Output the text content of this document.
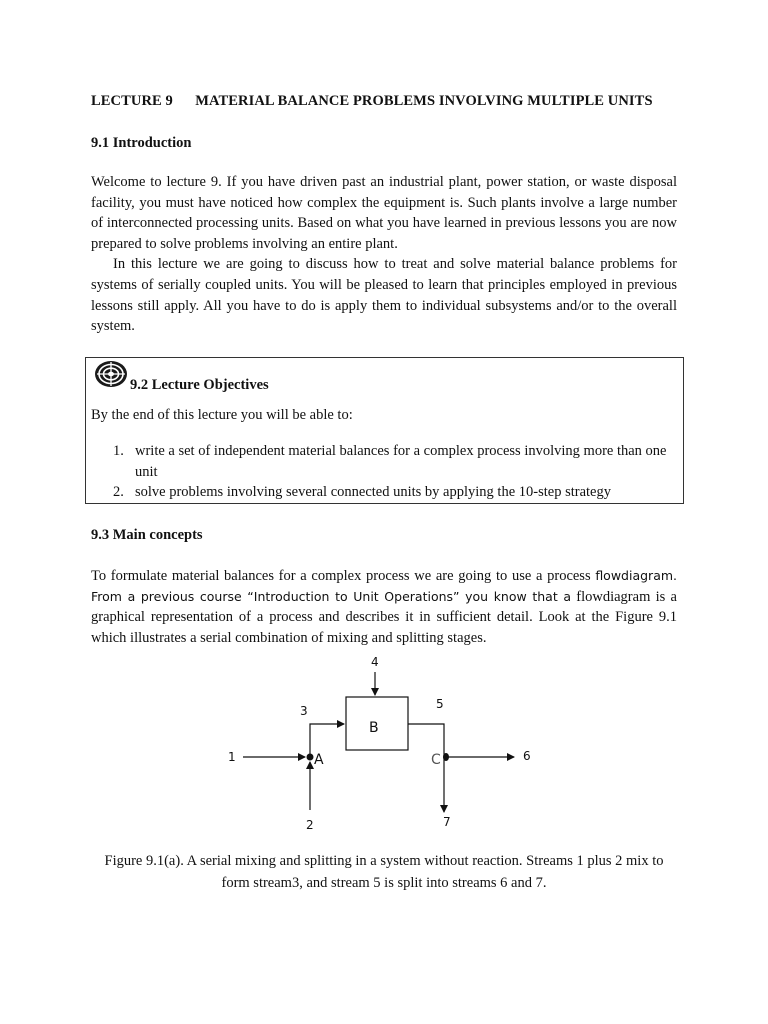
LECTURE 9      MATERIAL BALANCE PROBLEMS INVOLVING MULTIPLE UNITS
9.1 Introduction

Welcome to lecture 9. If you have driven past an industrial plant, power station, or waste disposal facility, you must have noticed how complex the equipment is. Such plants involve a large number of interconnected processing units. Based on what you have learned in previous lessons you are now prepared to solve problems involving an entire plant.

In this lecture we are going to discuss how to treat and solve material balance problems for systems of serially coupled units. You will be pleased to learn that principles employed in previous lessons still apply. All you have to do is apply them to individual subsystems and/or to the overall system.

9.2 Lecture Objectives
By the end of this lecture you will be able to:
1. write a set of independent material balances for a complex process involving more than one unit
2. solve problems involving several connected units by applying the 10-step strategy
9.3 Main concepts

To formulate material balances for a complex process we are going to use a process flowdiagram. From a previous course “Introduction to Unit Operations” you know that a flowdiagram is a graphical representation of a process and describes it in sufficient detail. Look at the Figure 9.1 which illustrates a serial combination of mixing and splitting stages.

4
3	5
1	6
2	7
B
A	C
Figure 9.1(a). A serial mixing and splitting in a system without reaction. Streams 1 plus 2 mix to
form stream3, and stream 5 is split into streams 6 and 7.
